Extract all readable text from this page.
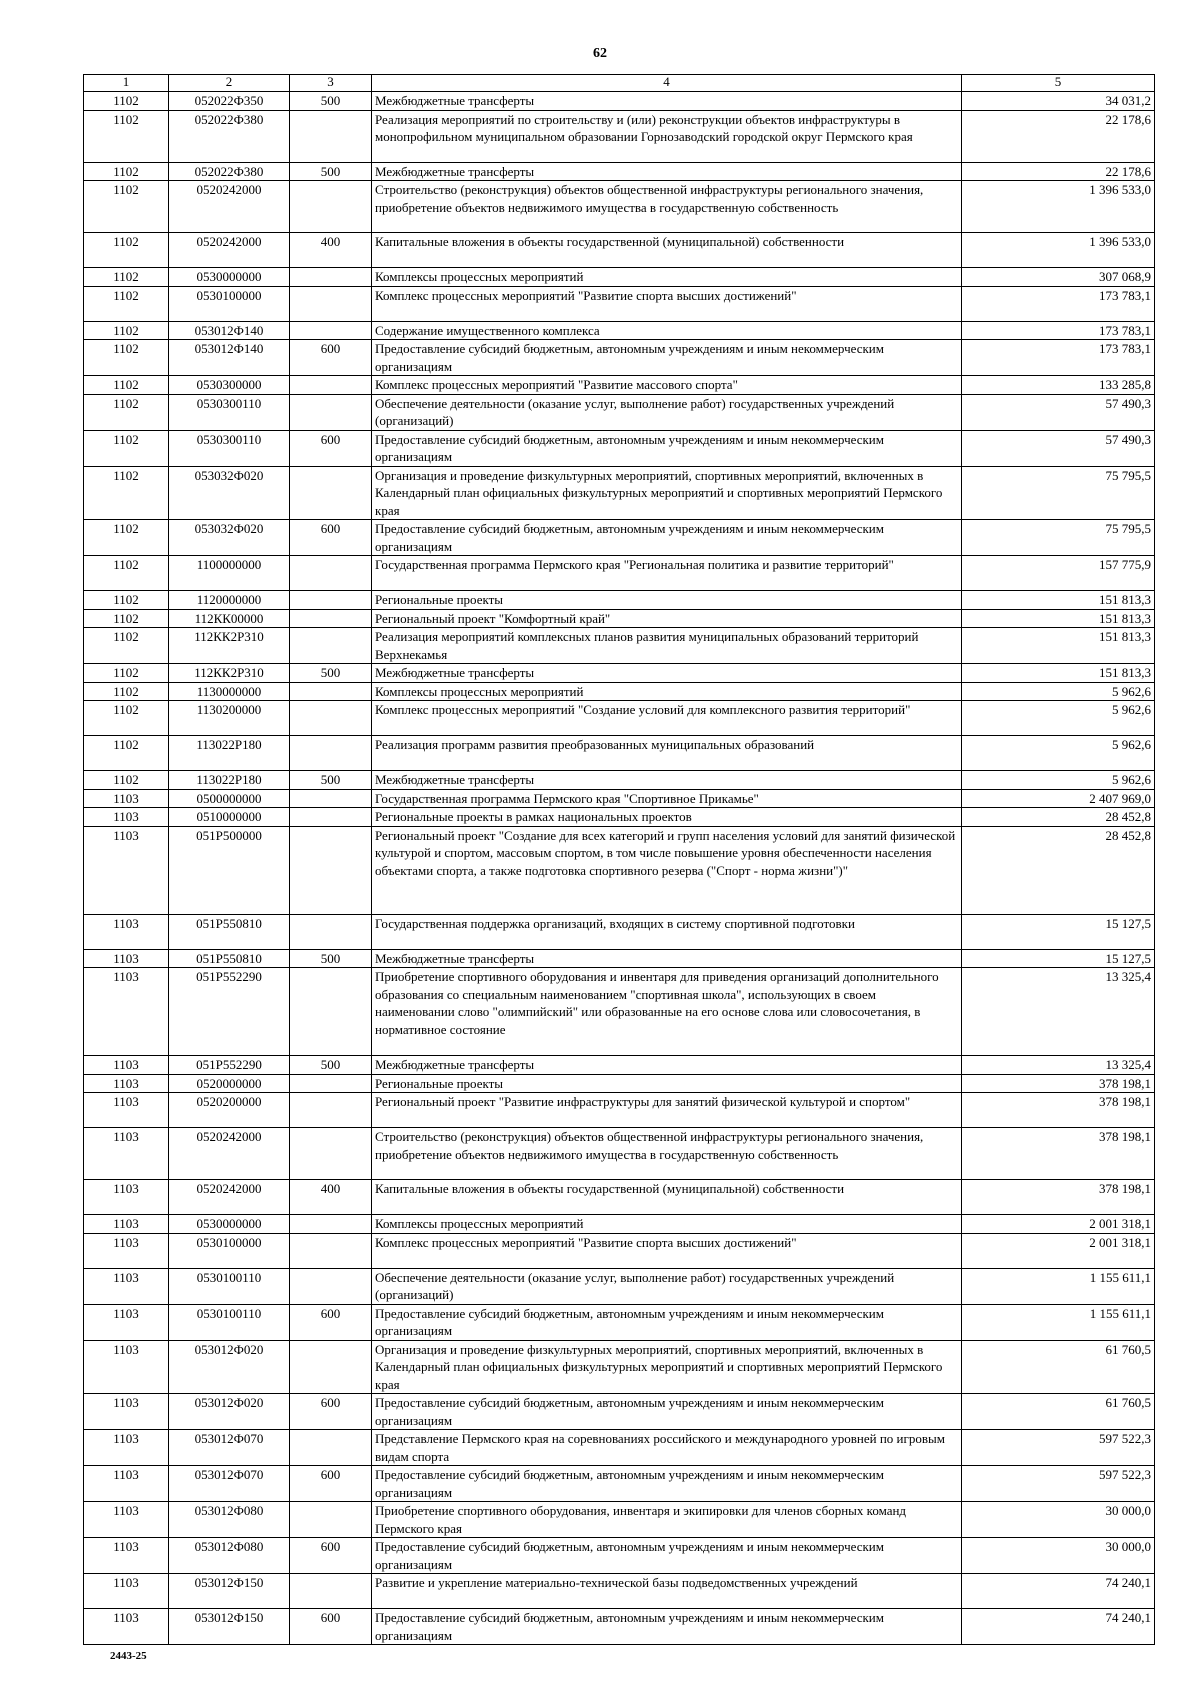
62
1	2	3	4	5
1102	052022Ф350	500	Межбюджетные трансферты	34 031,2
1102	052022Ф380		Реализация мероприятий по строительству и (или) реконструкции объектов инфраструктуры в монопрофильном муниципальном образовании Горнозаводский городской округ Пермского края	22 178,6
1102	052022Ф380	500	Межбюджетные трансферты	22 178,6
1102	0520242000		Строительство (реконструкция) объектов общественной инфраструктуры регионального значения, приобретение объектов недвижимого имущества в государственную собственность	1 396 533,0
1102	0520242000	400	Капитальные вложения в объекты государственной (муниципальной) собственности	1 396 533,0
1102	0530000000		Комплексы процессных мероприятий	307 068,9
1102	0530100000		Комплекс процессных мероприятий "Развитие спорта высших достижений"	173 783,1
1102	053012Ф140		Содержание имущественного комплекса	173 783,1
1102	053012Ф140	600	Предоставление субсидий бюджетным, автономным учреждениям и иным некоммерческим организациям	173 783,1
1102	0530300000		Комплекс процессных мероприятий "Развитие массового спорта"	133 285,8
1102	0530300110		Обеспечение деятельности (оказание услуг, выполнение работ) государственных учреждений (организаций)	57 490,3
1102	0530300110	600	Предоставление субсидий бюджетным, автономным учреждениям и иным некоммерческим организациям	57 490,3
1102	053032Ф020		Организация и проведение физкультурных мероприятий, спортивных мероприятий, включенных в Календарный план официальных физкультурных мероприятий и спортивных мероприятий Пермского края	75 795,5
1102	053032Ф020	600	Предоставление субсидий бюджетным, автономным учреждениям и иным некоммерческим организациям	75 795,5
1102	1100000000		Государственная программа Пермского края "Региональная политика и развитие территорий"	157 775,9
1102	1120000000		Региональные проекты	151 813,3
1102	112КК00000		Региональный проект "Комфортный край"	151 813,3
1102	112КК2Р310		Реализация мероприятий комплексных планов развития муниципальных образований территорий Верхнекамья	151 813,3
1102	112КК2Р310	500	Межбюджетные трансферты	151 813,3
1102	1130000000		Комплексы процессных мероприятий	5 962,6
1102	1130200000		Комплекс процессных мероприятий "Создание условий для комплексного развития территорий"	5 962,6
1102	113022Р180		Реализация программ развития преобразованных муниципальных образований	5 962,6
1102	113022Р180	500	Межбюджетные трансферты	5 962,6
1103	0500000000		Государственная программа Пермского края "Спортивное Прикамье"	2 407 969,0
1103	0510000000		Региональные проекты в рамках национальных проектов	28 452,8
1103	051Р500000		Региональный проект "Создание для всех категорий и групп населения условий для занятий физической культурой и спортом, массовым спортом, в том числе повышение уровня обеспеченности населения объектами спорта, а также подготовка спортивного резерва ("Спорт - норма жизни")"	28 452,8
1103	051Р550810		Государственная поддержка организаций, входящих в систему спортивной подготовки	15 127,5
1103	051Р550810	500	Межбюджетные трансферты	15 127,5
1103	051Р552290		Приобретение спортивного оборудования и инвентаря для приведения организаций дополнительного образования со специальным наименованием "спортивная школа", использующих в своем наименовании слово "олимпийский" или образованные на его основе слова или словосочетания, в нормативное состояние	13 325,4
1103	051Р552290	500	Межбюджетные трансферты	13 325,4
1103	0520000000		Региональные проекты	378 198,1
1103	0520200000		Региональный проект "Развитие инфраструктуры для занятий физической культурой и спортом"	378 198,1
1103	0520242000		Строительство (реконструкция) объектов общественной инфраструктуры регионального значения, приобретение объектов недвижимого имущества в государственную собственность	378 198,1
1103	0520242000	400	Капитальные вложения в объекты государственной (муниципальной) собственности	378 198,1
1103	0530000000		Комплексы процессных мероприятий	2 001 318,1
1103	0530100000		Комплекс процессных мероприятий "Развитие спорта высших достижений"	2 001 318,1
1103	0530100110		Обеспечение деятельности (оказание услуг, выполнение работ) государственных учреждений (организаций)	1 155 611,1
1103	0530100110	600	Предоставление субсидий бюджетным, автономным учреждениям и иным некоммерческим организациям	1 155 611,1
1103	053012Ф020		Организация и проведение физкультурных мероприятий, спортивных мероприятий, включенных в Календарный план официальных физкультурных мероприятий и спортивных мероприятий Пермского края	61 760,5
1103	053012Ф020	600	Предоставление субсидий бюджетным, автономным учреждениям и иным некоммерческим организациям	61 760,5
1103	053012Ф070		Представление Пермского края на соревнованиях российского и международного уровней по игровым видам спорта	597 522,3
1103	053012Ф070	600	Предоставление субсидий бюджетным, автономным учреждениям и иным некоммерческим организациям	597 522,3
1103	053012Ф080		Приобретение спортивного оборудования, инвентаря и экипировки для членов сборных команд Пермского края	30 000,0
1103	053012Ф080	600	Предоставление субсидий бюджетным, автономным учреждениям и иным некоммерческим организациям	30 000,0
1103	053012Ф150		Развитие и укрепление материально-технической базы подведомственных учреждений	74 240,1
1103	053012Ф150	600	Предоставление субсидий бюджетным, автономным учреждениям и иным некоммерческим организациям	74 240,1
2443-25
